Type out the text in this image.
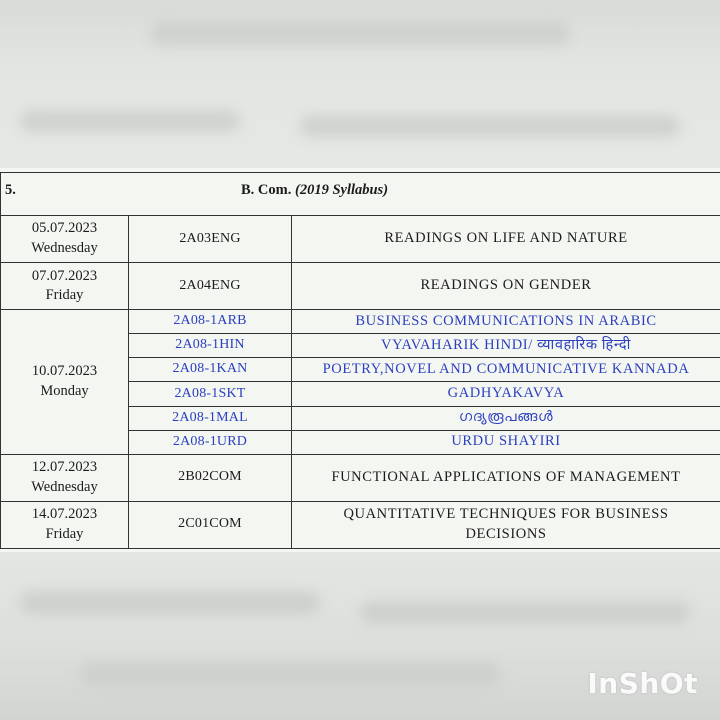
5. B. Com. (2019 Syllabus)		

05.07.2023
Wednesday	2A03ENG	READINGS ON LIFE AND NATURE
07.07.2023
Friday	2A04ENG	READINGS ON GENDER
10.07.2023
Monday	2A08-1ARB	BUSINESS COMMUNICATIONS IN ARABIC
	2A08-1HIN	VYAVAHARIK HINDI/ व्यावहारिक हिन्दी
	2A08-1KAN	POETRY,NOVEL AND COMMUNICATIVE KANNADA
	2A08-1SKT	GADHYAKAVYA
	2A08-1MAL	ഗദ്യരൂപങ്ങൾ
	2A08-1URD	URDU SHAYIRI
12.07.2023
Wednesday	2B02COM	FUNCTIONAL APPLICATIONS OF MANAGEMENT
14.07.2023
Friday	2C01COM	QUANTITATIVE TECHNIQUES FOR BUSINESS
DECISIONS
InShOt
